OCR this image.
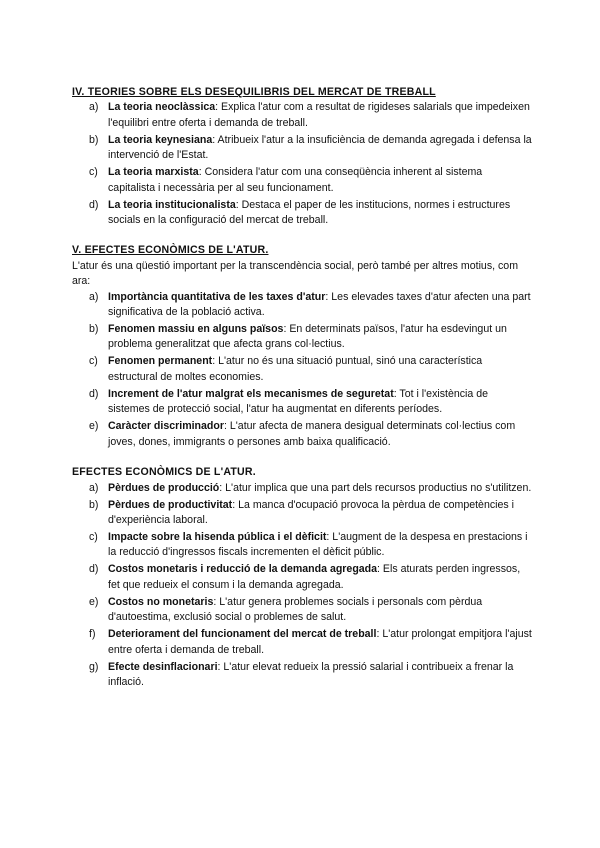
IV. TEORIES SOBRE ELS DESEQUILIBRIS DEL MERCAT DE TREBALL

a) La teoria neoclàssica: Explica l'atur com a resultat de rigideses salarials que impedeixen l'equilibri entre oferta i demanda de treball.
b) La teoria keynesiana: Atribueix l'atur a la insuficiència de demanda agregada i defensa la intervenció de l'Estat.
c) La teoria marxista: Considera l'atur com una conseqüència inherent al sistema capitalista i necessària per al seu funcionament.
d) La teoria institucionalista: Destaca el paper de les institucions, normes i estructures socials en la configuració del mercat de treball.

V. EFECTES ECONÒMICS DE L'ATUR.

L'atur és una qüestió important per la transcendència social, però també per altres motius, com ara:

a) Importància quantitativa de les taxes d'atur: Les elevades taxes d'atur afecten una part significativa de la població activa.
b) Fenomen massiu en alguns països: En determinats països, l'atur ha esdevingut un problema generalitzat que afecta grans col·lectius.
c) Fenomen permanent: L'atur no és una situació puntual, sinó una característica estructural de moltes economies.
d) Increment de l'atur malgrat els mecanismes de seguretat: Tot i l'existència de sistemes de protecció social, l'atur ha augmentat en diferents períodes.
e) Caràcter discriminador: L'atur afecta de manera desigual determinats col·lectius com joves, dones, immigrants o persones amb baixa qualificació.

EFECTES ECONÒMICS DE L'ATUR.

a) Pèrdues de producció: L'atur implica que una part dels recursos productius no s'utilitzen.
b) Pèrdues de productivitat: La manca d'ocupació provoca la pèrdua de competències i d'experiència laboral.
c) Impacte sobre la hisenda pública i el dèficit: L'augment de la despesa en prestacions i la reducció d'ingressos fiscals incrementen el dèficit públic.
d) Costos monetaris i reducció de la demanda agregada: Els aturats perden ingressos, fet que redueix el consum i la demanda agregada.
e) Costos no monetaris: L'atur genera problemes socials i personals com pèrdua d'autoestima, exclusió social o problemes de salut.
f) Deteriorament del funcionament del mercat de treball: L'atur prolongat empitjora l'ajust entre oferta i demanda de treball.
g) Efecte desinflacionari: L'atur elevat redueix la pressió salarial i contribueix a frenar la inflació.
